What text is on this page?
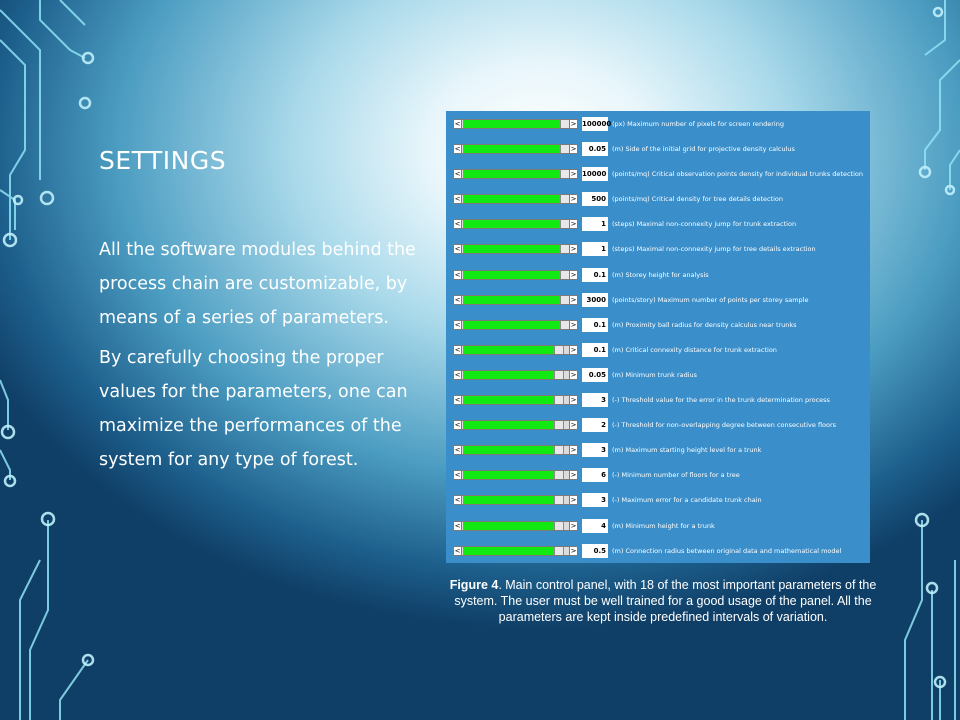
SETTINGS

All the software modules behind the process chain are customizable, by means of a series of parameters.

By carefully choosing the proper values for the parameters, one can maximize the performances of the system for any type of forest.

<	> 100000 (px) Maximum number of pixels for screen rendering
<	>	0.05 (m) Side of the initial grid for projective density calculus
<	> 10000 (points/mq) Critical observation points density for individual trunks detection
<	>	500 (points/mq) Critical density for tree details detection
<	>	1 (steps) Maximal non-connexity jump for trunk extraction
<	>	1 (steps) Maximal non-connexity jump for tree details extraction
<	>	0.1 (m) Storey height for analysis
<	>	3000 (points/story) Maximum number of points per storey sample
<	>	0.1 (m) Proximity ball radius for density calculus near trunks
<	>	0.1 (m) Critical connexity distance for trunk extraction
<	>	0.05 (m) Minimum trunk radius
<	>	3 (-) Threshold value for the error in the trunk determination process
<	>	2 (-) Threshold for non-overlapping degree between consecutive floors
<	>	3 (m) Maximum starting height level for a trunk
<	>	6 (-) Minimum number of floors for a tree
<	>	3 (-) Maximum error for a candidate trunk chain
<	>	4 (m) Minimum height for a trunk
<	>	0.5 (m) Connection radius between original data and mathematical model
Figure 4. Main control panel, with 18 of the most important parameters of the system. The user must be well trained for a good usage of the panel. All the parameters are kept inside predefined intervals of variation.
